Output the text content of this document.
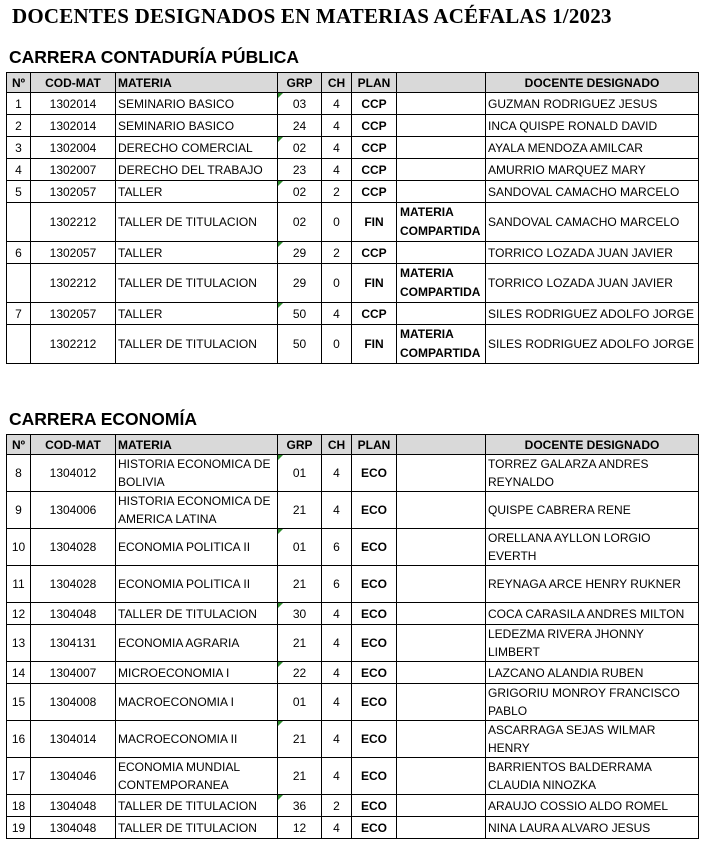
DOCENTES DESIGNADOS EN MATERIAS ACÉFALAS 1/2023
CARRERA CONTADURÍA PÚBLICA
Nº	COD-MAT	MATERIA	GRP	CH	PLAN		DOCENTE DESIGNADO
1	1302014	SEMINARIO BASICO	03	4	CCP		GUZMAN RODRIGUEZ JESUS
2	1302014	SEMINARIO BASICO	24	4	CCP		INCA QUISPE RONALD DAVID
3	1302004	DERECHO COMERCIAL	02	4	CCP		AYALA MENDOZA AMILCAR
4	1302007	DERECHO DEL TRABAJO	23	4	CCP		AMURRIO MARQUEZ MARY
5	1302057	TALLER	02	2	CCP		SANDOVAL CAMACHO MARCELO
	1302212	TALLER DE TITULACION	02	0	FIN	MATERIA COMPARTIDA	SANDOVAL CAMACHO MARCELO
6	1302057	TALLER	29	2	CCP		TORRICO LOZADA JUAN JAVIER
	1302212	TALLER DE TITULACION	29	0	FIN	MATERIA COMPARTIDA	TORRICO LOZADA JUAN JAVIER
7	1302057	TALLER	50	4	CCP		SILES RODRIGUEZ ADOLFO JORGE
	1302212	TALLER DE TITULACION	50	0	FIN	MATERIA COMPARTIDA	SILES RODRIGUEZ ADOLFO JORGE
CARRERA ECONOMÍA
Nº	COD-MAT	MATERIA	GRP	CH	PLAN		DOCENTE DESIGNADO
8	1304012	HISTORIA ECONOMICA DE BOLIVIA	01	4	ECO		TORREZ GALARZA ANDRES REYNALDO
9	1304006	HISTORIA ECONOMICA DE AMERICA LATINA	21	4	ECO		QUISPE CABRERA RENE
10	1304028	ECONOMIA POLITICA II	01	6	ECO		ORELLANA AYLLON LORGIO EVERTH
11	1304028	ECONOMIA POLITICA II	21	6	ECO		REYNAGA ARCE HENRY RUKNER
12	1304048	TALLER DE TITULACION	30	4	ECO		COCA CARASILA ANDRES MILTON
13	1304131	ECONOMIA AGRARIA	21	4	ECO		LEDEZMA RIVERA JHONNY LIMBERT
14	1304007	MICROECONOMIA I	22	4	ECO		LAZCANO ALANDIA RUBEN
15	1304008	MACROECONOMIA I	01	4	ECO		GRIGORIU MONROY FRANCISCO PABLO
16	1304014	MACROECONOMIA II	21	4	ECO		ASCARRAGA SEJAS WILMAR HENRY
17	1304046	ECONOMIA MUNDIAL CONTEMPORANEA	21	4	ECO		BARRIENTOS BALDERRAMA CLAUDIA NINOZKA
18	1304048	TALLER DE TITULACION	36	2	ECO		ARAUJO COSSIO ALDO ROMEL
19	1304048	TALLER DE TITULACION	12	4	ECO		NINA LAURA ALVARO JESUS
